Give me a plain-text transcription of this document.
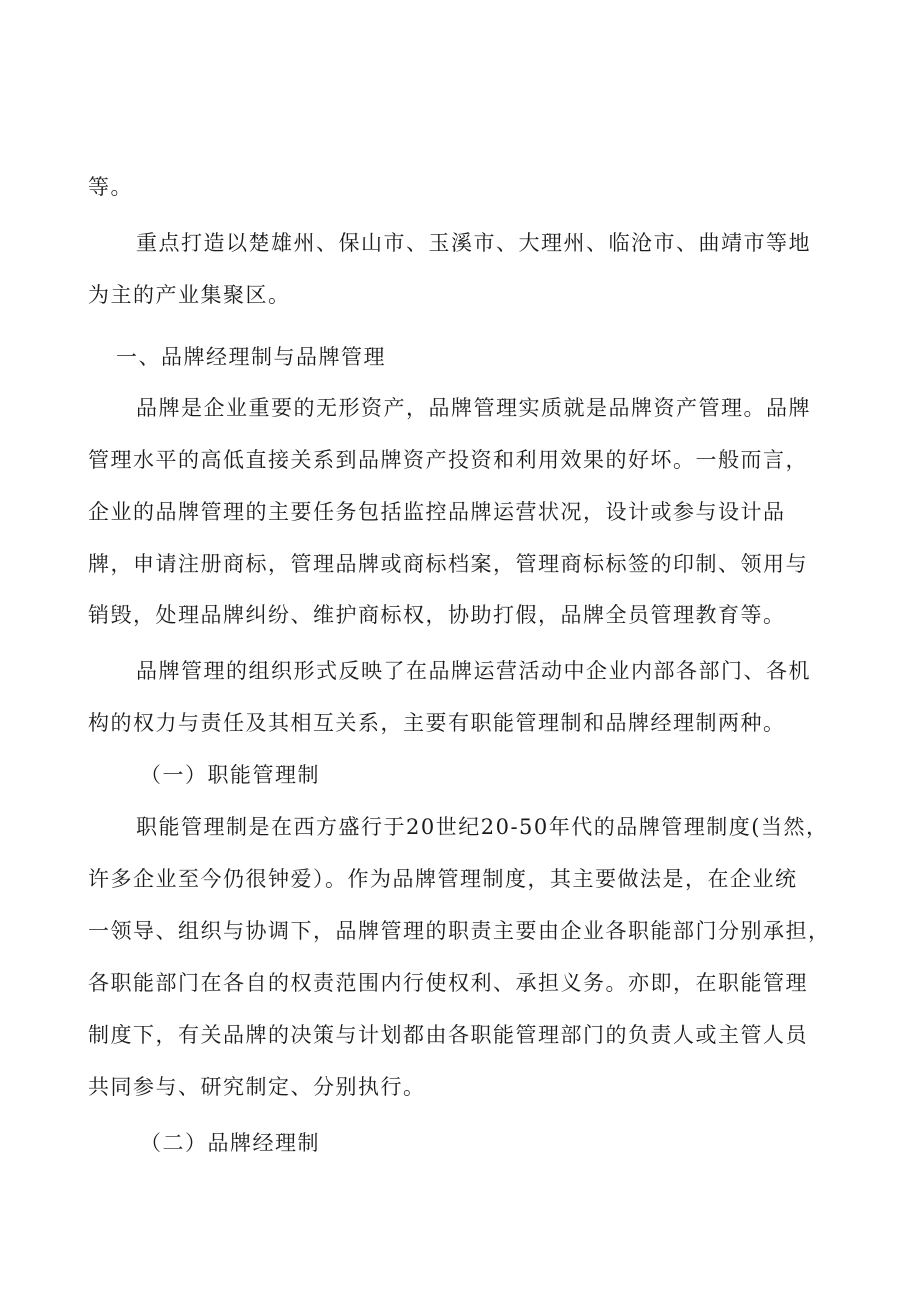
等。

重点打造以楚雄州、保山市、玉溪市、大理州、临沧市、曲靖市等地

为主的产业集聚区。

一、品牌经理制与品牌管理

品牌是企业重要的无形资产，品牌管理实质就是品牌资产管理。品牌

管理水平的高低直接关系到品牌资产投资和利用效果的好坏。一般而言，

企业的品牌管理的主要任务包括监控品牌运营状况，设计或参与设计品

牌，申请注册商标，管理品牌或商标档案，管理商标标签的印制、领用与

销毁，处理品牌纠纷、维护商标权，协助打假，品牌全员管理教育等。

品牌管理的组织形式反映了在品牌运营活动中企业内部各部门、各机

构的权力与责任及其相互关系，主要有职能管理制和品牌经理制两种。

（一）职能管理制

职能管理制是在西方盛行于20世纪20-50年代的品牌管理制度(当然，

许多企业至今仍很钟爱）。作为品牌管理制度，其主要做法是，在企业统

一领导、组织与协调下，品牌管理的职责主要由企业各职能部门分别承担，

各职能部门在各自的权责范围内行使权利、承担义务。亦即，在职能管理

制度下，有关品牌的决策与计划都由各职能管理部门的负责人或主管人员

共同参与、研究制定、分别执行。

（二）品牌经理制
